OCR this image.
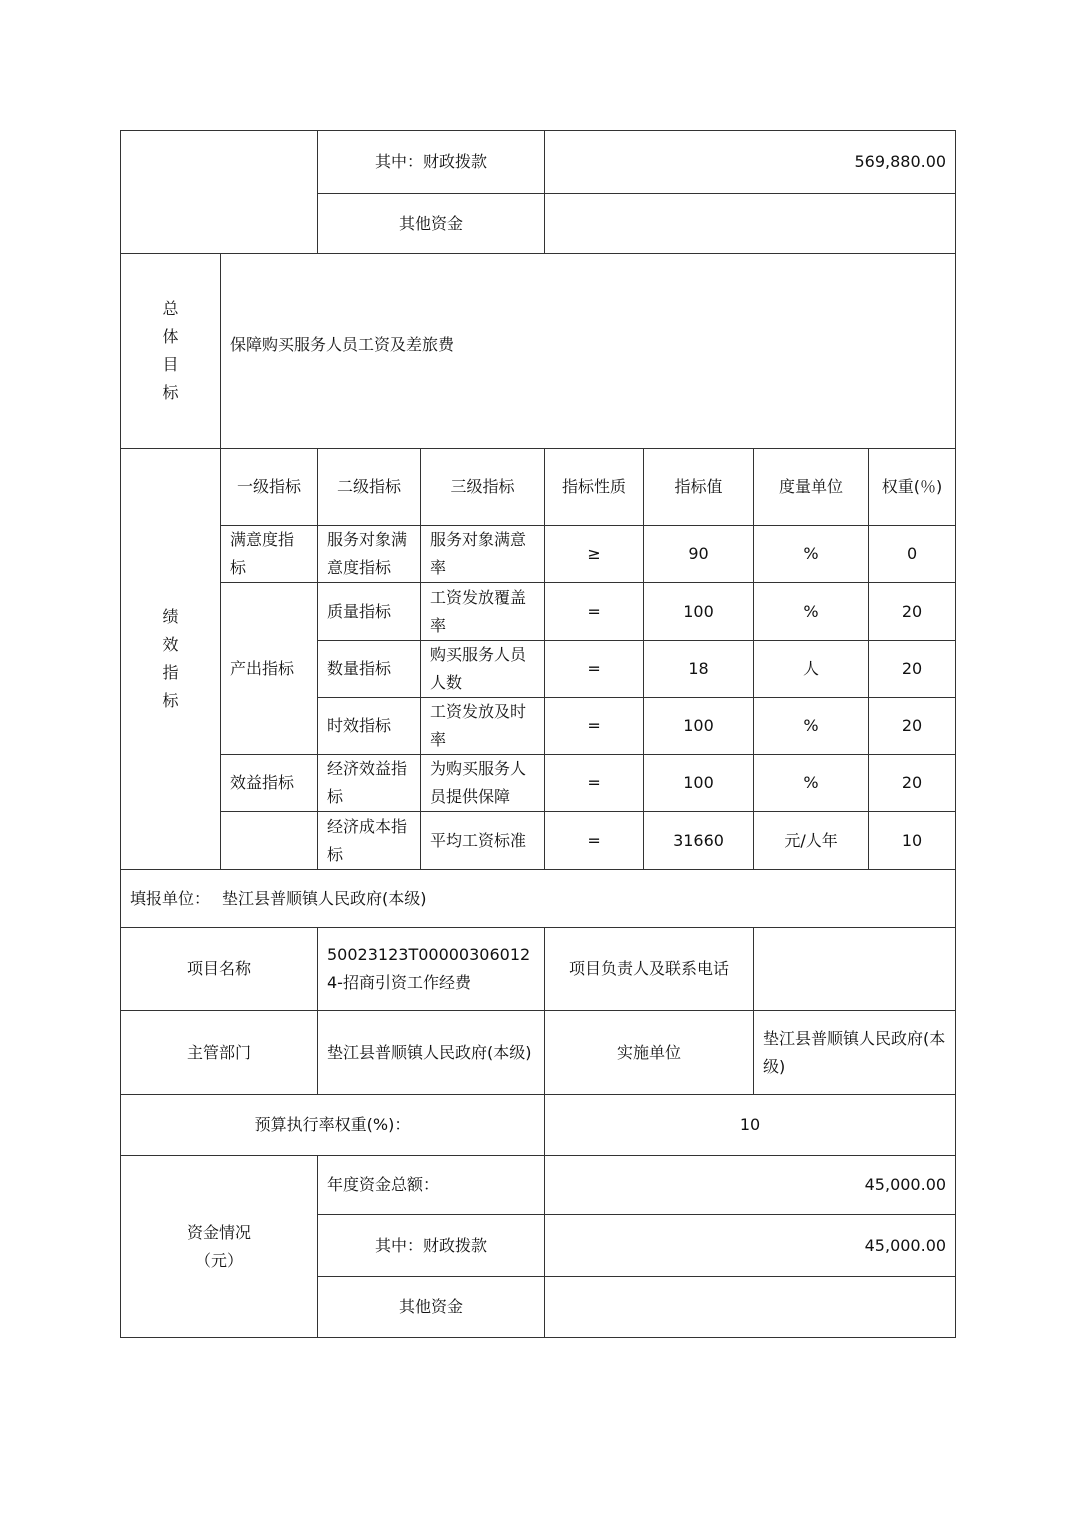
		其中：财政拨款		569,880.00			
		其他资金					

总
体
目
标	保障购买服务人员工资及差旅费						

绩
效
指
标	一级指标	二级指标	三级指标	指标性质	指标值	度量单位	权重(％)
	满意度指标	服务对象满意度指标	服务对象满意率	≥	90	%	0
	产出指标	质量指标	工资发放覆盖率	=	100	%	20
		数量指标	购买服务人员人数	=	18	人	20
		时效指标	工资发放及时率	=	100	%	20
	效益指标	经济效益指标	为购买服务人员提供保障	=	100	%	20
		经济成本指标	平均工资标准	=	31660	元/人年	10
填报单位： 垫江县普顺镇人民政府(本级)							
项目名称		50023123T000003060124-招商引资工作经费		项目负责人及联系电话			
主管部门		垫江县普顺镇人民政府(本级)		实施单位		垫江县普顺镇人民政府(本级)	
预算执行率权重(%)：				10			

资金情况
（元）		年度资金总额：		45,000.00			
		其中：财政拨款		45,000.00			
		其他资金					
